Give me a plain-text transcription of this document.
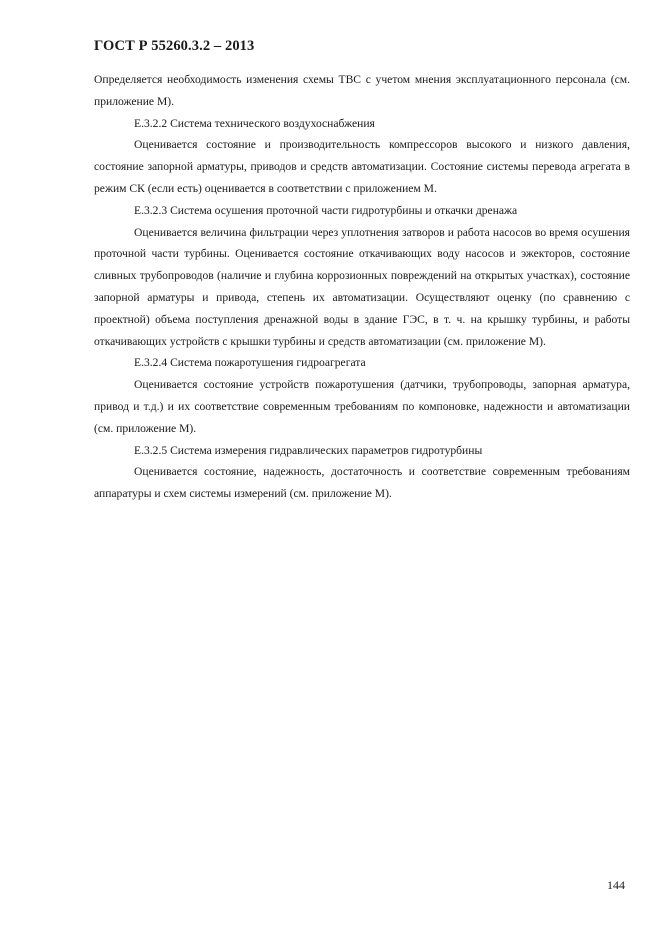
ГОСТ Р 55260.3.2 – 2013

Определяется необходимость изменения схемы ТВС с учетом мнения эксплуатационного персонала (см. приложение М).

Е.3.2.2 Система технического воздухоснабжения

Оценивается состояние и производительность компрессоров высокого и низкого давления, состояние запорной арматуры, приводов и средств автоматизации. Состояние системы перевода агрегата в режим СК (если есть) оценивается в соответствии с приложением М.

Е.3.2.3 Система осушения проточной части гидротурбины и откачки дренажа

Оценивается величина фильтрации через уплотнения затворов и работа насосов во время осушения проточной части турбины. Оценивается состояние откачивающих воду насосов и эжекторов, состояние сливных трубопроводов (наличие и глубина коррозионных повреждений на открытых участках), состояние запорной арматуры и привода, степень их автоматизации. Осуществляют оценку (по сравнению с проектной) объема поступления дренажной воды в здание ГЭС, в т. ч. на крышку турбины, и работы откачивающих устройств с крышки турбины и средств автоматизации (см. приложение М).

Е.3.2.4 Система пожаротушения гидроагрегата

Оценивается состояние устройств пожаротушения (датчики, трубопроводы, запорная арматура, привод и т.д.) и их соответствие современным требованиям по компоновке, надежности и автоматизации (см. приложение М).

Е.3.2.5 Система измерения гидравлических параметров гидротурбины

Оценивается состояние, надежность, достаточность и соответствие современным требованиям аппаратуры и схем системы измерений (см. приложение М).

144
